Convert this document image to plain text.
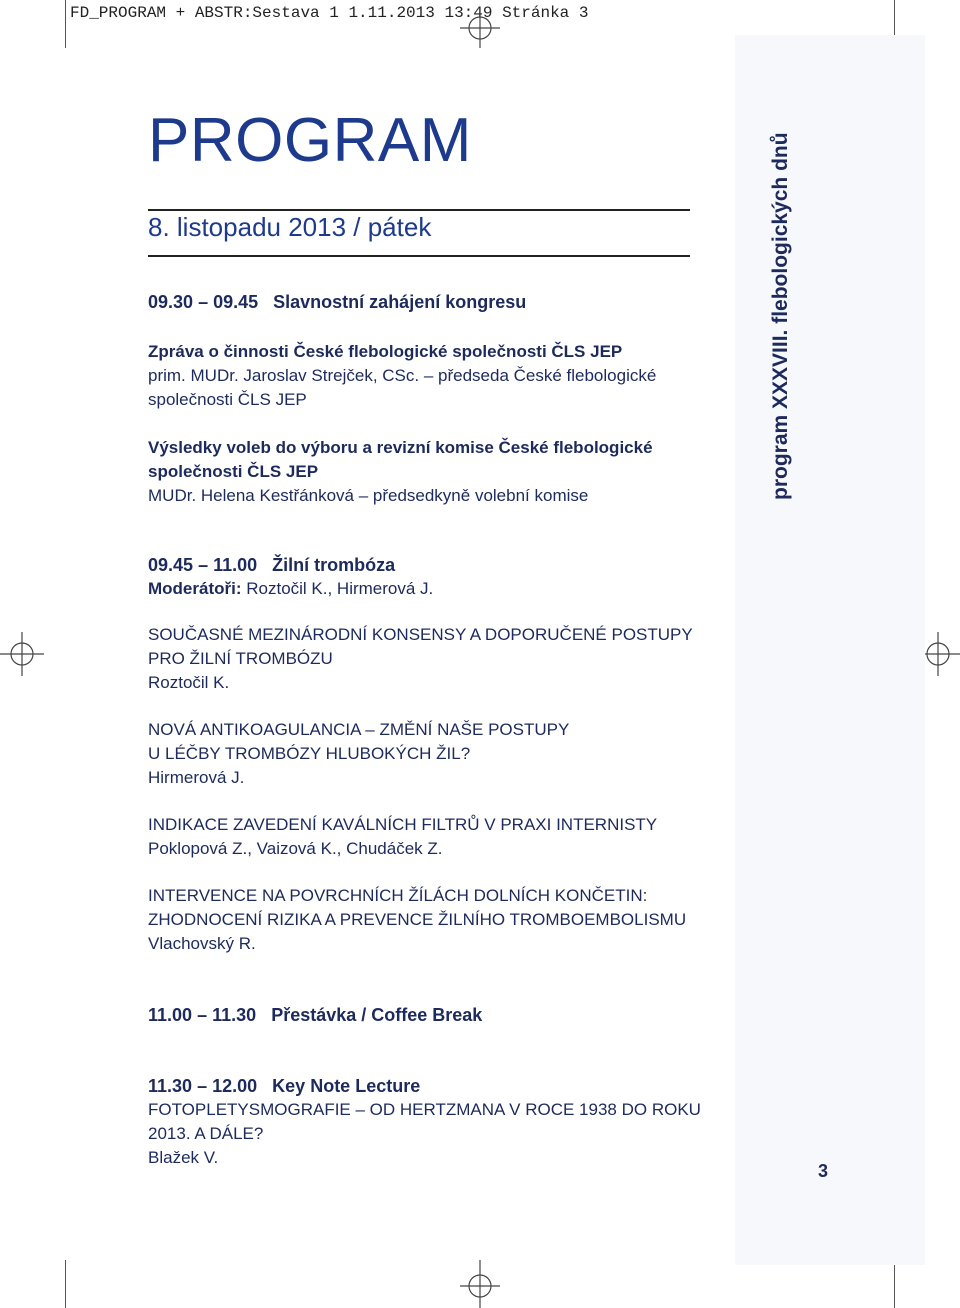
FD_PROGRAM + ABSTR:Sestava 1 1.11.2013 13:49 Stránka 3
program XXXVIII. flebologických dnů
3
PROGRAM
8. listopadu 2013 / pátek

09.30 – 09.45 Slavnostní zahájení kongresu

Zpráva o činnosti České flebologické společnosti ČLS JEP

prim. MUDr. Jaroslav Strejček, CSc. – předseda České flebologické

společnosti ČLS JEP

Výsledky voleb do výboru a revizní komise České flebologické

společnosti ČLS JEP

MUDr. Helena Kestřánková – předsedkyně volební komise

09.45 – 11.00 Žilní trombóza

Moderátoři: Roztočil K., Hirmerová J.

SOUČASNÉ MEZINÁRODNÍ KONSENSY A DOPORUČENÉ POSTUPY

PRO ŽILNÍ TROMBÓZU

Roztočil K.

NOVÁ ANTIKOAGULANCIA – ZMĚNÍ NAŠE POSTUPY

U LÉČBY TROMBÓZY HLUBOKÝCH ŽIL?

Hirmerová J.

INDIKACE ZAVEDENÍ KAVÁLNÍCH FILTRŮ V PRAXI INTERNISTY

Poklopová Z., Vaizová K., Chudáček Z.

INTERVENCE NA POVRCHNÍCH ŽÍLÁCH DOLNÍCH KONČETIN:

ZHODNOCENÍ RIZIKA A PREVENCE ŽILNÍHO TROMBOEMBOLISMU

Vlachovský R.

11.00 – 11.30 Přestávka / Coffee Break

11.30 – 12.00 Key Note Lecture

FOTOPLETYSMOGRAFIE – OD HERTZMANA V ROCE 1938 DO ROKU

2013. A DÁLE?

Blažek V.
